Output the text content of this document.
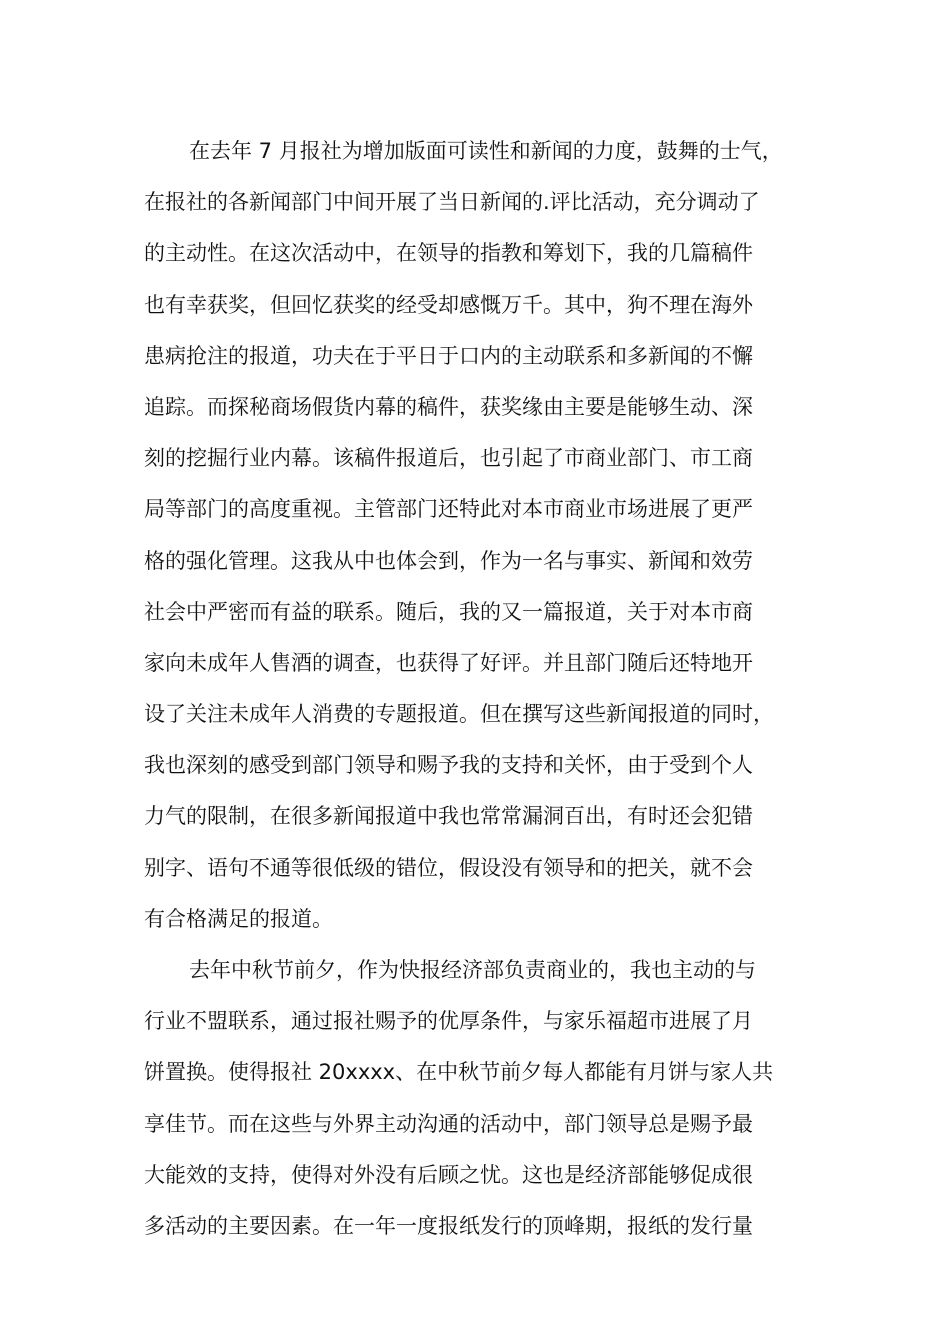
在去年 7 月报社为增加版面可读性和新闻的力度，鼓舞的士气，
在报社的各新闻部门中间开展了当日新闻的.评比活动，充分调动了
的主动性。在这次活动中，在领导的指教和筹划下，我的几篇稿件
也有幸获奖，但回忆获奖的经受却感慨万千。其中，狗不理在海外
患病抢注的报道，功夫在于平日于口内的主动联系和多新闻的不懈
追踪。而探秘商场假货内幕的稿件，获奖缘由主要是能够生动、深
刻的挖掘行业内幕。该稿件报道后，也引起了市商业部门、市工商
局等部门的高度重视。主管部门还特此对本市商业市场进展了更严
格的强化管理。这我从中也体会到，作为一名与事实、新闻和效劳
社会中严密而有益的联系。随后，我的又一篇报道，关于对本市商
家向未成年人售酒的调查，也获得了好评。并且部门随后还特地开
设了关注未成年人消费的专题报道。但在撰写这些新闻报道的同时，
我也深刻的感受到部门领导和赐予我的支持和关怀，由于受到个人
力气的限制，在很多新闻报道中我也常常漏洞百出，有时还会犯错
别字、语句不通等很低级的错位，假设没有领导和的把关，就不会
有合格满足的报道。
去年中秋节前夕，作为快报经济部负责商业的，我也主动的与
行业不盟联系，通过报社赐予的优厚条件，与家乐福超市进展了月
饼置换。使得报社 20xxxx、在中秋节前夕每人都能有月饼与家人共
享佳节。而在这些与外界主动沟通的活动中，部门领导总是赐予最
大能效的支持，使得对外没有后顾之忧。这也是经济部能够促成很
多活动的主要因素。在一年一度报纸发行的顶峰期，报纸的发行量
